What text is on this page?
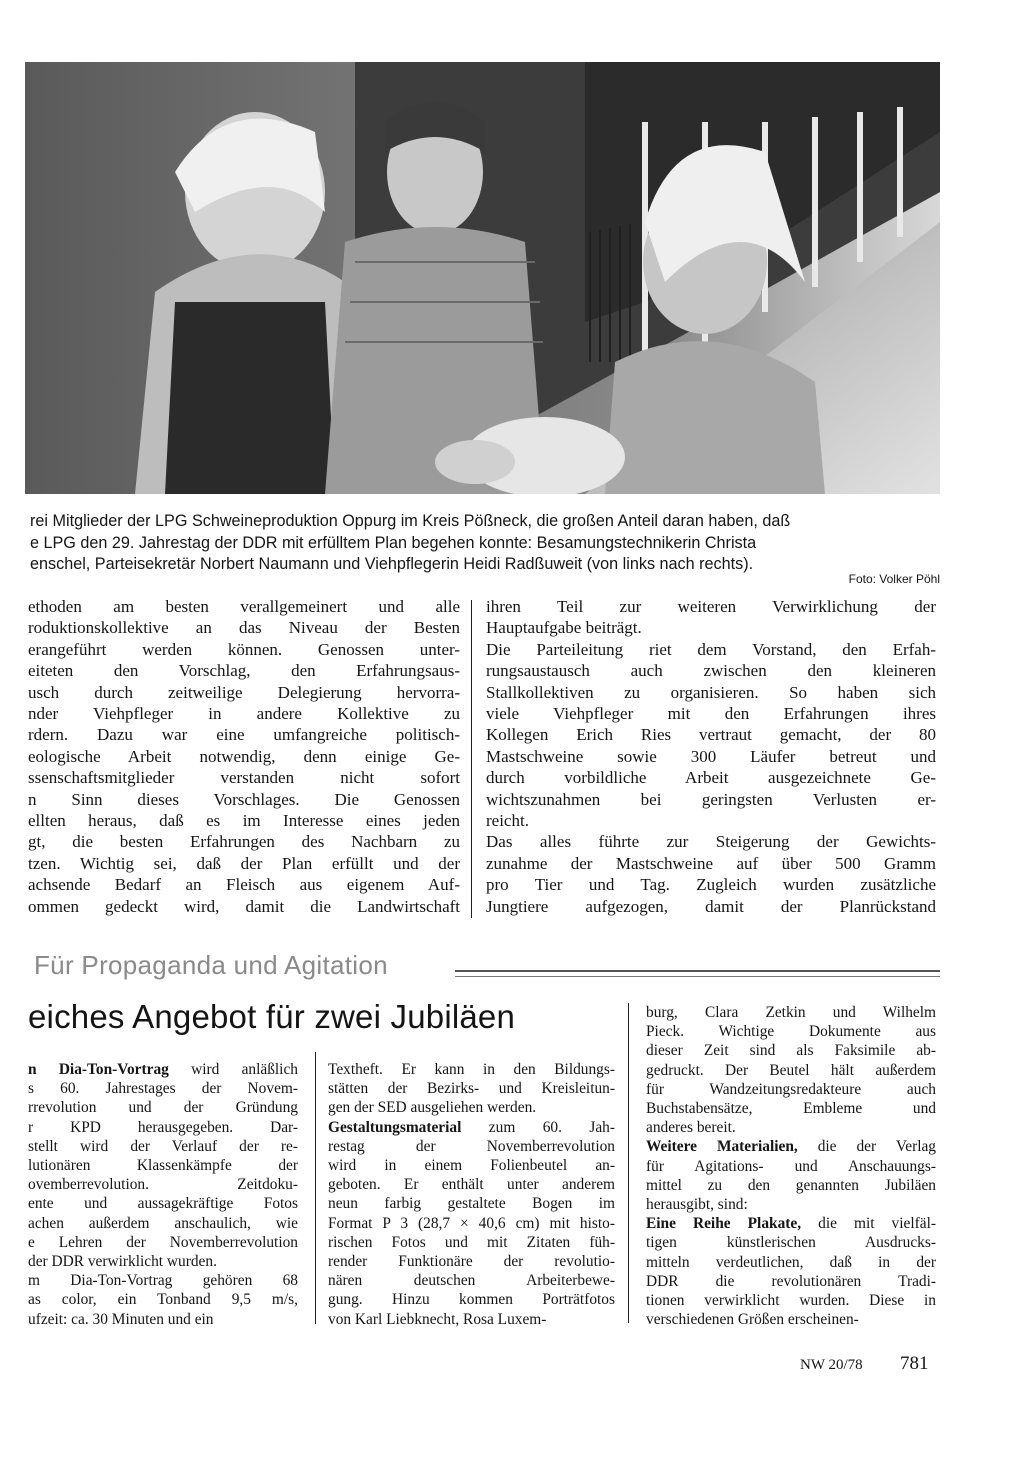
rei Mitglieder der LPG Schweineproduktion Oppurg im Kreis Pößneck, die großen Anteil daran haben, daß

e LPG den 29. Jahrestag der DDR mit erfülltem Plan begehen konnte: Besamungstechnikerin Christa

enschel, Parteisekretär Norbert Naumann und Viehpflegerin Heidi Radßuweit (von links nach rechts).

Foto: Volker Pöhl
ethoden am besten verallgemeinert und alle
roduktionskollektive an das Niveau der Besten
erangeführt werden können. Genossen unter-
eiteten den Vorschlag, den Erfahrungsaus-
usch durch zeitweilige Delegierung hervorra-
nder Viehpfleger in andere Kollektive zu
rdern. Dazu war eine umfangreiche politisch-
eologische Arbeit notwendig, denn einige Ge-
ssenschaftsmitglieder verstanden nicht sofort
n Sinn dieses Vorschlages. Die Genossen
ellten heraus, daß es im Interesse eines jeden
gt, die besten Erfahrungen des Nachbarn zu
tzen. Wichtig sei, daß der Plan erfüllt und der
achsende Bedarf an Fleisch aus eigenem Auf-
ommen gedeckt wird, damit die Landwirtschaft
ihren Teil zur weiteren Verwirklichung der
Hauptaufgabe beiträgt.
Die Parteileitung riet dem Vorstand, den Erfah-
rungsaustausch auch zwischen den kleineren
Stallkollektiven zu organisieren. So haben sich
viele Viehpfleger mit den Erfahrungen ihres
Kollegen Erich Ries vertraut gemacht, der 80
Mastschweine sowie 300 Läufer betreut und
durch vorbildliche Arbeit ausgezeichnete Ge-
wichtszunahmen bei geringsten Verlusten er-
reicht.
Das alles führte zur Steigerung der Gewichts-
zunahme der Mastschweine auf über 500 Gramm
pro Tier und Tag. Zugleich wurden zusätzliche
Jungtiere aufgezogen, damit der Planrückstand
Für Propaganda und Agitation
eiches Angebot für zwei Jubiläen
n Dia-Ton-Vortrag wird anläßlich
s 60. Jahrestages der Novem-
rrevolution und der Gründung
r KPD herausgegeben. Dar-
stellt wird der Verlauf der re-
lutionären Klassenkämpfe der
ovemberrevolution. Zeitdoku-
ente und aussagekräftige Fotos
achen außerdem anschaulich, wie
e Lehren der Novemberrevolution
der DDR verwirklicht wurden.
m Dia-Ton-Vortrag gehören 68
as color, ein Tonband 9,5 m/s,
ufzeit: ca. 30 Minuten und ein
Textheft. Er kann in den Bildungs-
stätten der Bezirks- und Kreisleitun-
gen der SED ausgeliehen werden.
Gestaltungsmaterial zum 60. Jah-
restag der Novemberrevolution
wird in einem Folienbeutel an-
geboten. Er enthält unter anderem
neun farbig gestaltete Bogen im
Format P 3 (28,7 × 40,6 cm) mit histo-
rischen Fotos und mit Zitaten füh-
render Funktionäre der revolutio-
nären deutschen Arbeiterbewe-
gung. Hinzu kommen Porträtfotos
von Karl Liebknecht, Rosa Luxem-
burg, Clara Zetkin und Wilhelm
Pieck. Wichtige Dokumente aus
dieser Zeit sind als Faksimile ab-
gedruckt. Der Beutel hält außerdem
für Wandzeitungsredakteure auch
Buchstabensätze, Embleme und
anderes bereit.
Weitere Materialien, die der Verlag
für Agitations- und Anschauungs-
mittel zu den genannten Jubiläen
herausgibt, sind:
Eine Reihe Plakate, die mit vielfäl-
tigen künstlerischen Ausdrucks-
mitteln verdeutlichen, daß in der
DDR die revolutionären Tradi-
tionen verwirklicht wurden. Diese in
verschiedenen Größen erscheinen-
NW 20/78 781
